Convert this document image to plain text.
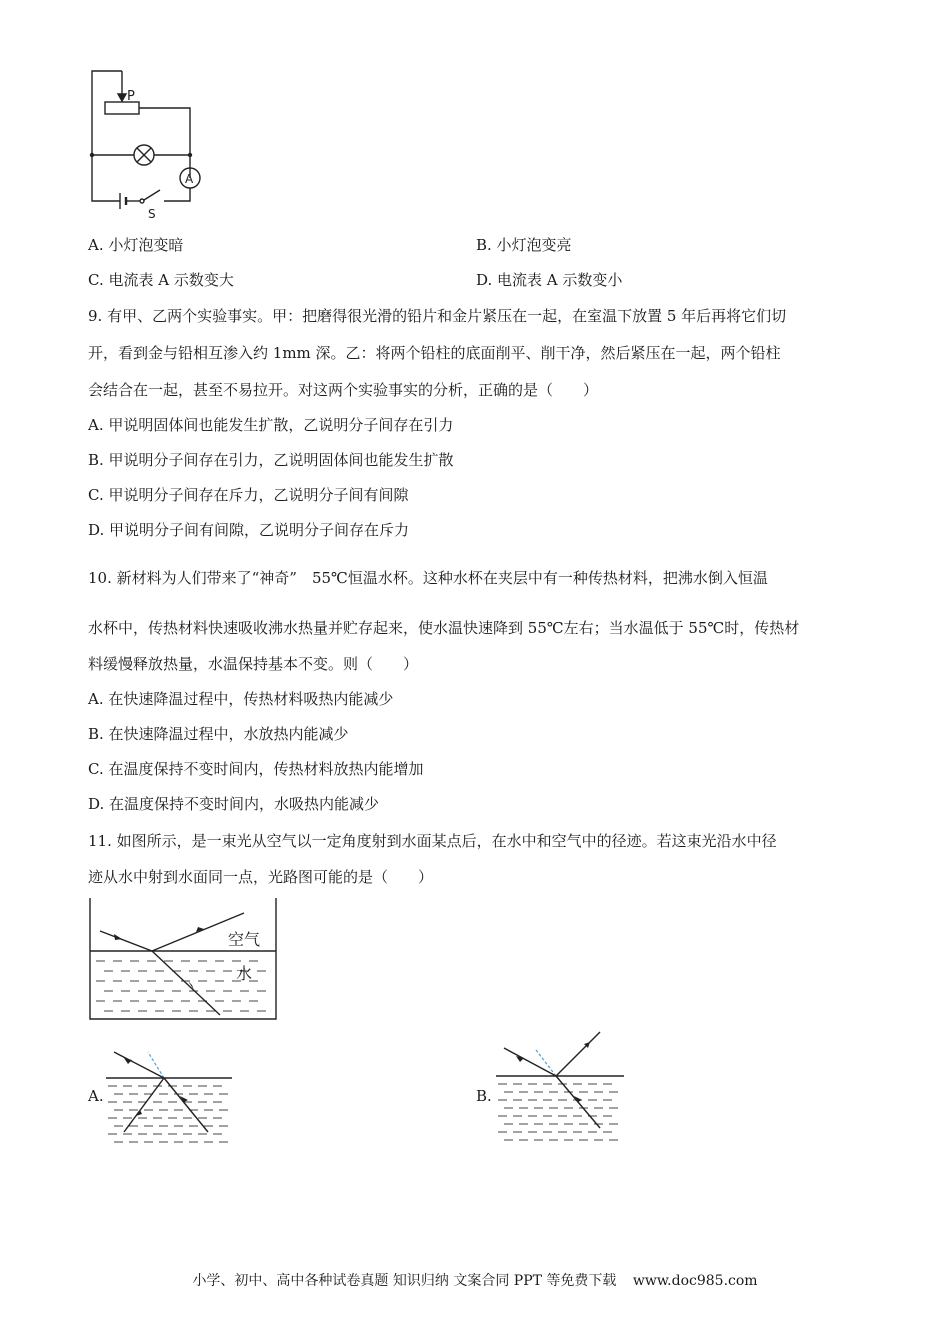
P
A
S
A. 小灯泡变暗	B. 小灯泡变亮
C. 电流表 A 示数变大	D. 电流表 A 示数变小
9. 有甲、乙两个实验事实。甲：把磨得很光滑的铅片和金片紧压在一起，在室温下放置 5 年后再将它们切
开，看到金与铅相互渗入约 1mm 深。乙：将两个铅柱的底面削平、削干净，然后紧压在一起，两个铅柱
会结合在一起，甚至不易拉开。对这两个实验事实的分析，正确的是（　　）
A. 甲说明固体间也能发生扩散，乙说明分子间存在引力
B. 甲说明分子间存在引力，乙说明固体间也能发生扩散
C. 甲说明分子间存在斥力，乙说明分子间有间隙
D. 甲说明分子间有间隙，乙说明分子间存在斥力
10. 新材料为人们带来了“神奇”　55℃恒温水杯。这种水杯在夹层中有一种传热材料，把沸水倒入恒温
水杯中，传热材料快速吸收沸水热量并贮存起来，使水温快速降到 55℃左右；当水温低于 55℃时，传热材
料缓慢释放热量，水温保持基本不变。则（　　）
A. 在快速降温过程中，传热材料吸热内能减少
B. 在快速降温过程中，水放热内能减少
C. 在温度保持不变时间内，传热材料放热内能增加
D. 在温度保持不变时间内，水吸热内能减少
11. 如图所示，是一束光从空气以一定角度射到水面某点后，在水中和空气中的径迹。若这束光沿水中径
迹从水中射到水面同一点，光路图可能的是（　　）
空气
水
A.	B.
小学、初中、高中各种试卷真题 知识归纳 文案合同 PPT 等免费下载 www.doc985.com
